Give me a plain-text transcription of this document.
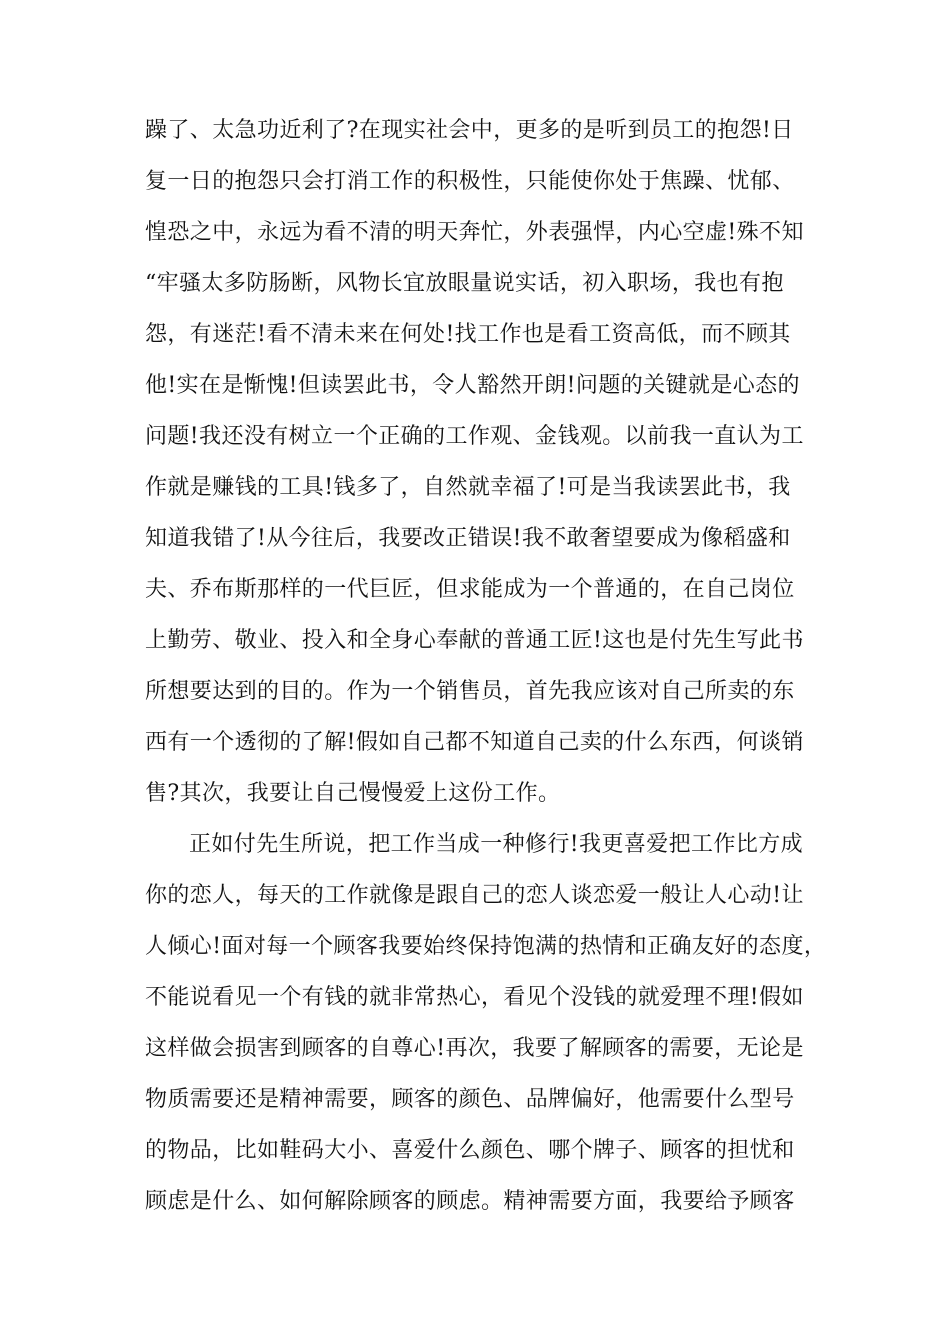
躁了、太急功近利了?在现实社会中，更多的是听到员工的抱怨!日
复一日的抱怨只会打消工作的积极性，只能使你处于焦躁、忧郁、
惶恐之中，永远为看不清的明天奔忙，外表强悍，内心空虚!殊不知
“牢骚太多防肠断，风物长宜放眼量说实话，初入职场，我也有抱
怨，有迷茫!看不清未来在何处!找工作也是看工资高低，而不顾其
他!实在是惭愧!但读罢此书，令人豁然开朗!问题的关键就是心态的
问题!我还没有树立一个正确的工作观、金钱观。以前我一直认为工
作就是赚钱的工具!钱多了，自然就幸福了!可是当我读罢此书，我
知道我错了!从今往后，我要改正错误!我不敢奢望要成为像稻盛和
夫、乔布斯那样的一代巨匠，但求能成为一个普通的，在自己岗位
上勤劳、敬业、投入和全身心奉献的普通工匠!这也是付先生写此书
所想要达到的目的。作为一个销售员，首先我应该对自己所卖的东
西有一个透彻的了解!假如自己都不知道自己卖的什么东西，何谈销
售?其次，我要让自己慢慢爱上这份工作。
正如付先生所说，把工作当成一种修行!我更喜爱把工作比方成
你的恋人，每天的工作就像是跟自己的恋人谈恋爱一般让人心动!让
人倾心!面对每一个顾客我要始终保持饱满的热情和正确友好的态度，
不能说看见一个有钱的就非常热心，看见个没钱的就爱理不理!假如
这样做会损害到顾客的自尊心!再次，我要了解顾客的需要，无论是
物质需要还是精神需要，顾客的颜色、品牌偏好，他需要什么型号
的物品，比如鞋码大小、喜爱什么颜色、哪个牌子、顾客的担忧和
顾虑是什么、如何解除顾客的顾虑。精神需要方面，我要给予顾客
